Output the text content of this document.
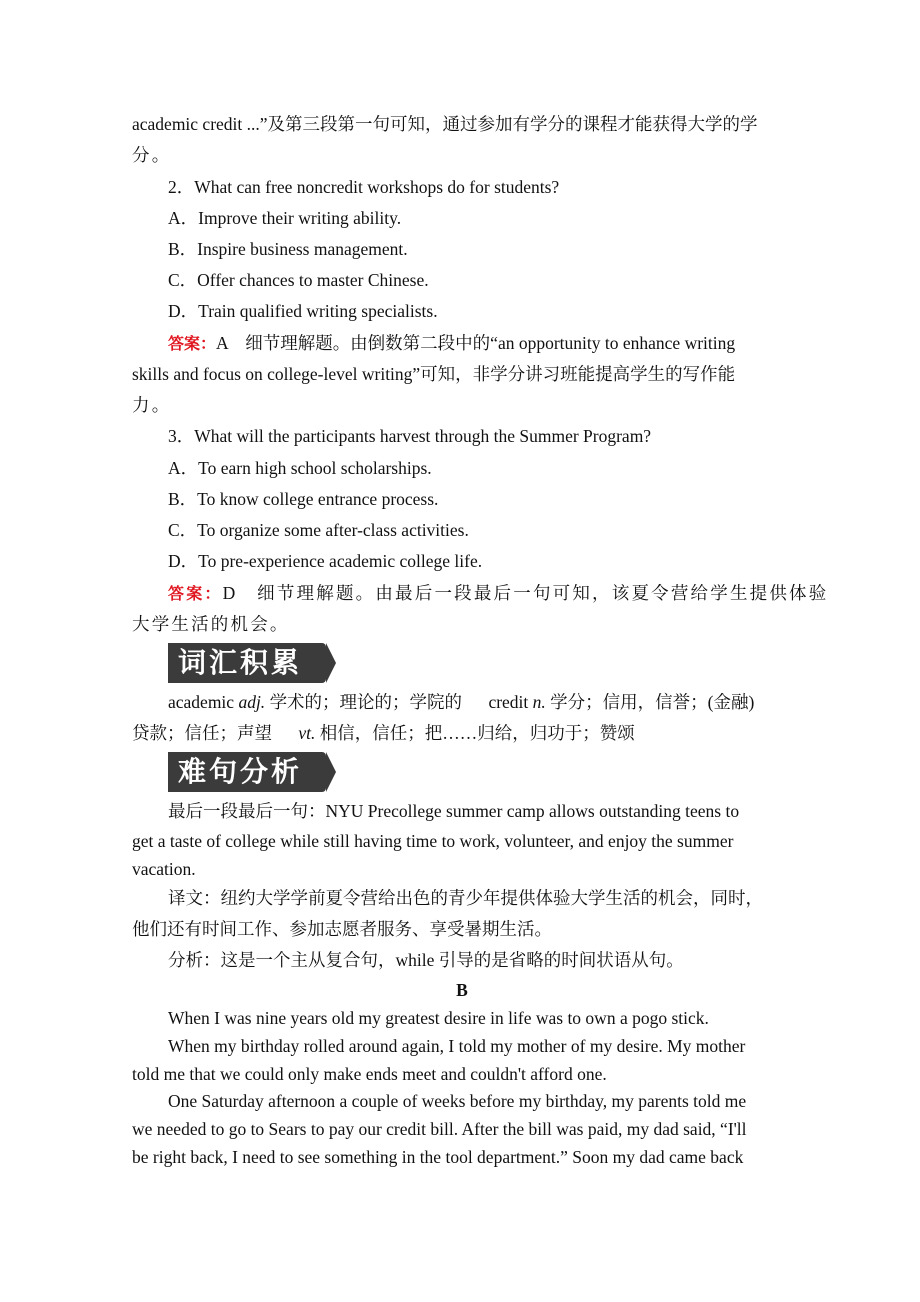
academic credit ...”及第三段第一句可知，通过参加有学分的课程才能获得大学的学
分。
2．What can free noncredit workshops do for students?
A．Improve their writing ability.
B．Inspire business management.
C．Offer chances to master Chinese.
D．Train qualified writing specialists.
答案：A　细节理解题。由倒数第二段中的“an opportunity to enhance writing
skills and focus on college-level writing”可知，非学分讲习班能提高学生的写作能
力。
3．What will the participants harvest through the Summer Program?
A．To earn high school scholarships.
B．To know college entrance process.
C．To organize some after-class activities.
D．To pre-experience academic college life.
答案：D　细节理解题。由最后一段最后一句可知，该夏令营给学生提供体验
大学生活的机会。
词汇积累
academic adj. 学术的；理论的；学院的 credit n. 学分；信用，信誉；(金融)
贷款；信任；声望 vt. 相信，信任；把……归给，归功于；赞颂
难句分析
最后一段最后一句：NYU Precollege summer camp allows outstanding teens to
get a taste of college while still having time to work, volunteer, and enjoy the summer
vacation.
译文：纽约大学学前夏令营给出色的青少年提供体验大学生活的机会，同时，
他们还有时间工作、参加志愿者服务、享受暑期生活。
分析：这是一个主从复合句，while 引导的是省略的时间状语从句。
B
When I was nine years old my greatest desire in life was to own a pogo stick.
When my birthday rolled around again, I told my mother of my desire. My mother
told me that we could only make ends meet and couldn't afford one.
One Saturday afternoon a couple of weeks before my birthday, my parents told me
we needed to go to Sears to pay our credit bill. After the bill was paid, my dad said, “I'll
be right back, I need to see something in the tool department.” Soon my dad came back
